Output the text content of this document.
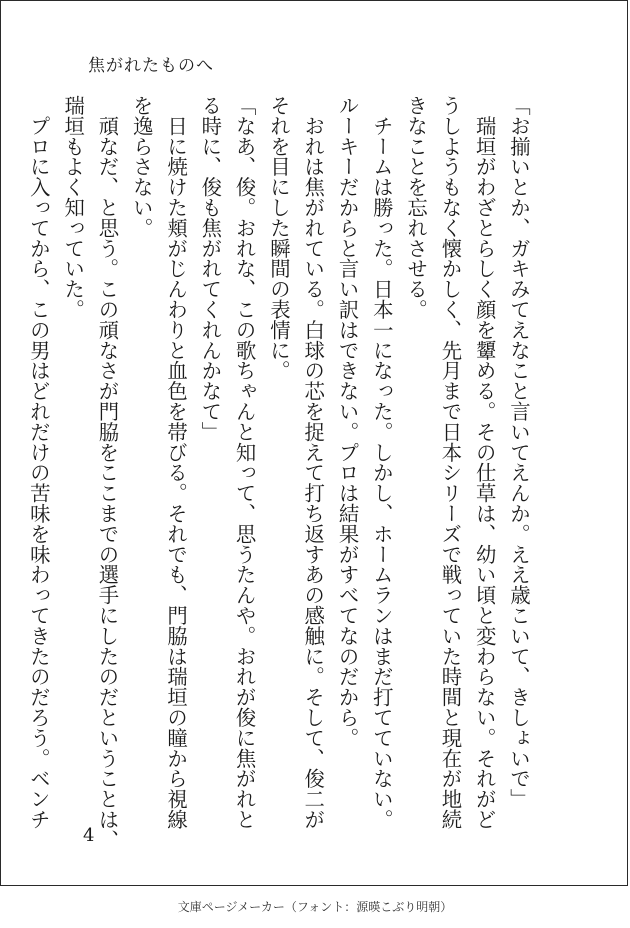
焦がれたものへ
「お揃いとか、ガキみてえなこと言いてえんか。ええ歳こいて、きしょいで」
　瑞垣がわざとらしく顔を顰める。その仕草は、幼い頃と変わらない。それがど
うしようもなく懐かしく、先月まで日本シリーズで戦っていた時間と現在が地続
きなことを忘れさせる。
　チームは勝った。日本一になった。しかし、ホームランはまだ打てていない。
ルーキーだからと言い訳はできない。プロは結果がすべてなのだから。
　おれは焦がれている。白球の芯を捉えて打ち返すあの感触に。そして、俊二が
それを目にした瞬間の表情に。
「なあ、俊。おれな、この歌ちゃんと知って、思うたんや。おれが俊に焦がれと
る時に、俊も焦がれてくれんかなて」
　日に焼けた頬がじんわりと血色を帯びる。それでも、門脇は瑞垣の瞳から視線
を逸らさない。
　頑なだ、と思う。この頑なさが門脇をここまでの選手にしたのだということは、
瑞垣もよく知っていた。
　プロに入ってから、この男はどれだけの苦味を味わってきたのだろう。ベンチ
4
文庫ページメーカー（フォント：源暎こぶり明朝）
